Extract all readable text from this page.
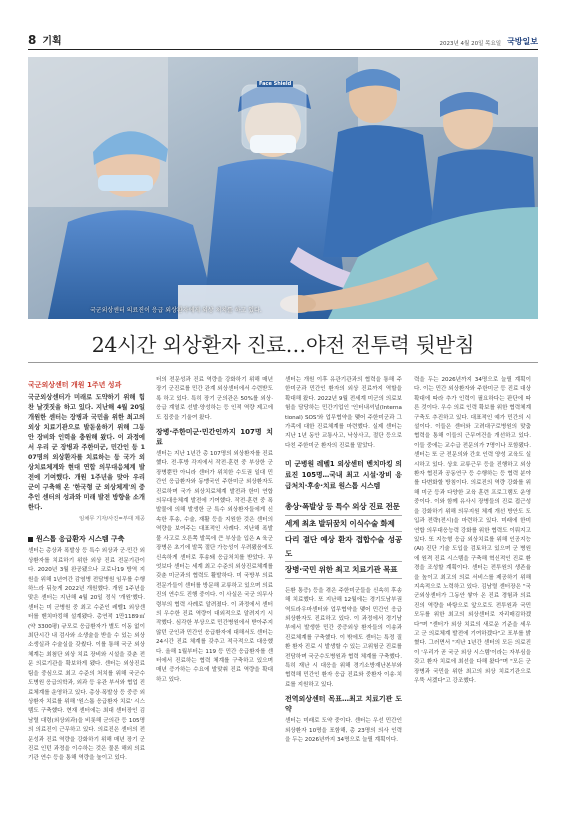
8 기획	2023년 4월 20일 목요일 국방일보
Face Shield
국군외상센터 의료진이 응급 외상환자에게 외상 처치를 하고 있다.
24시간 외상환자 진료…야전 전투력 뒷받침

국군외상센터 개원 1주년 성과

국군외상센터가 미래로 도약하기 위해 힘찬 날갯짓을 하고 있다. 지난해 4월 20일 개원한 센터는 장병과 국민을 위한 최고의 외상 치료기관으로 발돋움하기 위해 그동안 장비와 인력을 충원해 왔다. 이 과정에서 우리 군 장병과 주한미군, 민간인 등 107명의 외상환자를 치료하는 등 국가 외상치료체계와 현대 연합 의무대응체계 발전에 기여했다. 개원 1주년을 맞아 우리 군이 구축해 온 '한국형 군 외상체계'의 중추인 센터의 성과와 미래 발전 방향을 소개한다.

임채무 기자/사진=부대 제공

원스톱 응급환자 시스템 구축

센터는 총상과 폭발상 등 특수 외상과 군·민간 외상환자를 치료하기 위한 외상 진료 전문기관이다. 2020년 3월 완공됐으나 코로나19 방역 지원을 위해 1년여간 감염병 전담병원 임무를 수행하느라 뒤늦게 2022년 개원했다. 개원 1주년을 맞은 센터는 지난해 4월 20일 정식 '개원'했다. 센터는 미 군병원 중 최고 수준인 레벨1 외상센터를 벤치마킹해 설계됐다. 총연적 1만1189㎡(약 3300평) 규모로 응급환자가 별도 이동 없이 최단시간 내 검사와 소생술을 받을 수 있는 외상소생실과 수술실을 갖췄다. 이를 통해 국군 외상체계는 최첨단 외상 치료 장비와 시설을 갖춘 전문 의료기관을 확보하게 됐다. 센터는 외상진료팀을 중심으로 최고 수준의 처치를 위해 국군수도병원 응급의학과, 외과 등 유관 부서와 협업 진료체계를 운영하고 있다. 총상·폭발상 등 중증 외상환자 치료를 위해 '원스톱 응급환자 치료' 시스템도 구축했다. 현재 센터에는 최대 센터장인 김남렬 대령(외상외과)을 비롯해 군의관 등 105명의 의료진이 근무하고 있다. 의료진은 센터의 전문성과 진료 역량을 강화하기 위해 매년 장기 군진료 인턴 과정을 이수하는 것은 물론 해외 의료기관 연수 등을 통해 역량을 높이고 있다.

터의 전문성과 진료 역량을 강화하기 위해 매년 장기 군진료를 민간 관계 외상센터에서 수련받도록 하고 있다. 특히 장기 군의관은 50%를 외상·응급 계열로 선발·양성하는 등 인적 역량 제고에도 집중을 기울여 왔다.

장병·주한미군·민간인까지 107명 치료

센터는 지난 1년간 총 107명의 외상환자를 진료했다. 전·후방 각지에서 작전·훈련 중 부상한 군 장병뿐만 아니라 센터가 위치한 수도권 일대 민간인 응급환자와 동맹국인 주한미군 외상환자도 진료하며 국가 외상치료체계 발전과 한미 연합 의무대응체계 발전에 기여했다. 작전·훈련 중 폭발물에 의해 발생한 군 특수 외상환자들에게 신속한 후송, 수술, 재활 등을 지원한 것은 센터의 역량을 보여주는 대표적인 사례다. 지난해 폭발물 사고로 오른쪽 발목에 큰 부상을 입은 A 육군 장병은 초기에 발목 절단 가능성이 우려됐음에도 신속하게 센터로 후송돼 응급처치를 받았다. 무엇보다 센터는 세계 최고 수준의 외상진료체계를 갖춘 미군과의 협력도 활발하다. 미 국방부 의료 전문가들이 센터를 방문해 교류하고 있으며 의료진의 연수도 진행 중이다. 이 사실은 국군 의무사령부의 협력 사례로 알려졌다. 이 과정에서 센터의 우수한 진료 역량이 대외적으로 알려지기 시작했다. 심각한 부상으로 민간병원에서 받아주지 않던 군인과 민간인 응급환자에 대해서도 센터는 24시간 진료 체계를 갖추고 적극적으로 대응했다. 올해 1월부터는 119 등 민간 응급환자를 센터에서 진료하는 협력 체계를 구축하고 있으며 매년 증가하는 수요에 발맞춰 진료 역량을 확대하고 있다.

센터는 개원 이후 유관기관과의 협력을 통해 주한미군과 민간인 환자의 외상 진료까지 역할을 확대해 왔다. 2022년 9월 전세계 미군의 의료보험을 담당하는 민간기업인 '인터내셔널(International) SOS'와 업무협약을 맺어 주한미군과 그 가족에 대한 진료체계를 마련했다. 실제 센터는 지난 1년 동안 교통사고, 낙상사고, 절단 등으로 다친 주한미군 환자의 진료를 맡았다.

미 군병원 레벨1 외상센터 벤치마킹 의료진 105명…국내 최고 시설·장비 응급처치·후송·치료 원스톱 시스템

총상·폭발상 등 특수 외상 진료 전문
세계 최초 발뒤꿈치 이식수술 화제
다리 절단 예상 환자 접합수술 성공도
장병·국민 위한 최고 치료기관 목표

든환 통증) 등을 겪은 주한미군들을 신속히 후송해 치료했다. 또 지난해 12월에는 경기도남부권역트라우마센터와 업무협약을 맺어 민간인 응급 외상환자도 진료하고 있다. 이 과정에서 경기남부에서 발생한 민간 중증외상 환자들의 이송과 진료체계를 구축했다. 이 밖에도 센터는 특정 질환 환자 진료 시 발생할 수 있는 고위험군 진료를 전담하며 국군수도병원과 협력 체계를 구축했다. 특히 재난 시 대응을 위해 경기소방재난본부와 협력해 민간인 환자 응급 진료와 중환자 이송·치료를 지원하고 있다.

전역외상센터 목표…최고 치료기관 도약

센터는 미래로 도약 중이다. 센터는 우선 민간인 외상환자 10명을 포함해, 총 23명의 의사 인력을 두는 2026년까지 34명으로 늘릴 계획이다.

력을 두는 2026년까지 34명으로 늘릴 계획이다. 이는 민간 외상환자와 주한미군 등 진료 대상 확대에 따라 추가 인력이 필요하다는 판단에 따른 것이다. 우수 의료 인력 확보를 위한 협력체계 구축도 추진하고 있다. 대표적인 예가 민간의 시설이다. 이들은 센터와 고려대구로병원의 맞춤 협력을 통해 이들의 근무여건을 개선하고 있다. 이들 중에는 교수급 전문의가 7명이나 포함됐다. 센터는 또 군 전문의와 간호 인력 양성 교육도 실시하고 있다. 상호 교류근무 등을 진행하고 외상환자 협진과 공동연구 등 수행하는 등 협력 분야를 다변화할 방침이다. 의료진의 역량 강화를 위해 미군 등과 다양한 교육 훈련 프로그램도 운영 중이다. 이와 함께 유사시 장병들의 진료 접근성을 강화하기 위해 의무지원 체계 개선 방안도 도입과 전략(전시)을 마련하고 있다. 미래에 한미 연합 의무대응능력 강화를 위한 협력도 이뤄지고 있다. 또 지능형 응급 외상치료를 위해 인공지능(AI) 진단 기술 도입을 검토하고 있으며 군 병원에 원격 진료 시스템을 구축해 혁신적인 진료 환경을 조성할 계획이다. 센터는 전투원의 생존율을 높이고 최고의 의료 서비스를 제공하기 위해 지속적으로 노력하고 있다. 김남렬 센터장은 "국군외상센터가 그동안 쌓아 온 진료 경험과 의료진의 역량을 바탕으로 앞으로도 전투원과 국민 모두를 위한 최고의 외상센터로 자리매김하겠다"며 "센터가 외상 치료의 새로운 기준을 세우고 군 의료체계 발전에 기여하겠다"고 포부를 밝혔다. 그러면서 "지난 1년간 센터의 모든 의료진이 '우리가 곧 국군 외상 시스템'이라는 자부심을 갖고 환자 치료에 최선을 다해 왔다"며 "모든 군 장병과 국민을 위한 최고의 외상 치료기관으로 우뚝 서겠다"고 강조했다.
